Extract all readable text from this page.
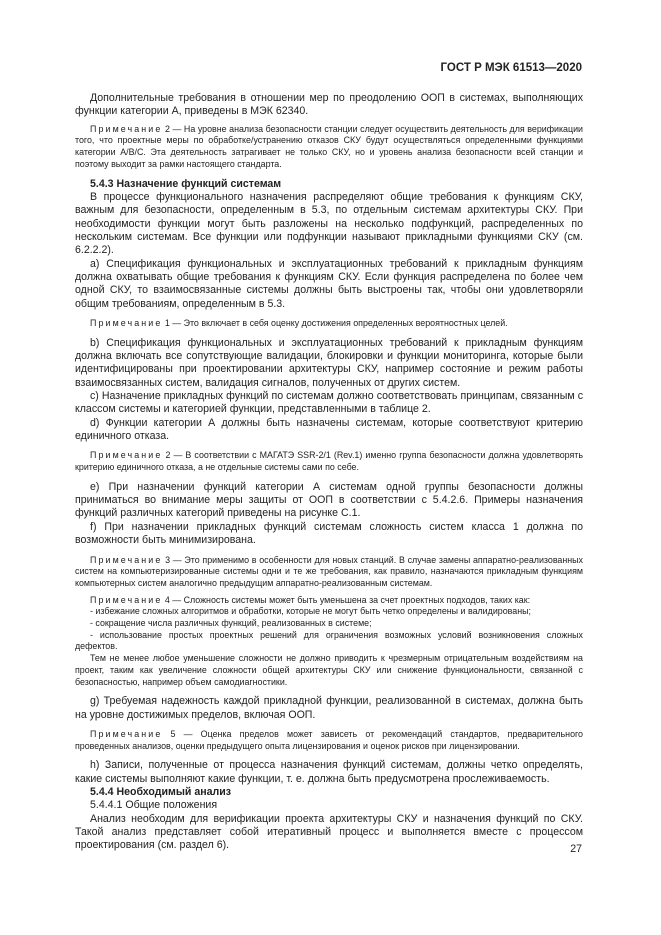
ГОСТ Р МЭК 61513—2020

Дополнительные требования в отношении мер по преодолению ООП в системах, выполняющих функции категории А, приведены в МЭК 62340.

Примечание 2 — На уровне анализа безопасности станции следует осуществить деятельность для верификации того, что проектные меры по обработке/устранению отказов СКУ будут осуществляться определенными функциями категории А/В/С. Эта деятельность затрагивает не только СКУ, но и уровень анализа безопасности всей станции и поэтому выходит за рамки настоящего стандарта.

5.4.3 Назначение функций системам

В процессе функционального назначения распределяют общие требования к функциям СКУ, важным для безопасности, определенным в 5.3, по отдельным системам архитектуры СКУ. При необходимости функции могут быть разложены на несколько подфункций, распределенных по нескольким системам. Все функции или подфункции называют прикладными функциями СКУ (см. 6.2.2.2).

a) Спецификация функциональных и эксплуатационных требований к прикладным функциям должна охватывать общие требования к функциям СКУ. Если функция распределена по более чем одной СКУ, то взаимосвязанные системы должны быть выстроены так, чтобы они удовлетворяли общим требованиям, определенным в 5.3.

Примечание 1 — Это включает в себя оценку достижения определенных вероятностных целей.

b) Спецификация функциональных и эксплуатационных требований к прикладным функциям должна включать все сопутствующие валидации, блокировки и функции мониторинга, которые были идентифицированы при проектировании архитектуры СКУ, например состояние и режим работы взаимосвязанных систем, валидация сигналов, полученных от других систем.

c) Назначение прикладных функций по системам должно соответствовать принципам, связанным с классом системы и категорией функции, представленными в таблице 2.

d) Функции категории А должны быть назначены системам, которые соответствуют критерию единичного отказа.

Примечание 2 — В соответствии с МАГАТЭ SSR-2/1 (Rev.1) именно группа безопасности должна удовлетворять критерию единичного отказа, а не отдельные системы сами по себе.

e) При назначении функций категории А системам одной группы безопасности должны приниматься во внимание меры защиты от ООП в соответствии с 5.4.2.6. Примеры назначения функций различных категорий приведены на рисунке С.1.

f) При назначении прикладных функций системам сложность систем класса 1 должна по возможности быть минимизирована.

Примечание 3 — Это применимо в особенности для новых станций. В случае замены аппаратно-реализованных систем на компьютеризированные системы одни и те же требования, как правило, назначаются прикладным функциям компьютерных систем аналогично предыдущим аппаратно-реализованным системам.

Примечание 4 — Сложность системы может быть уменьшена за счет проектных подходов, таких как:

- избежание сложных алгоритмов и обработки, которые не могут быть четко определены и валидированы;

- сокращение числа различных функций, реализованных в системе;

- использование простых проектных решений для ограничения возможных условий возникновения сложных дефектов.

Тем не менее любое уменьшение сложности не должно приводить к чрезмерным отрицательным воздействиям на проект, таким как увеличение сложности общей архитектуры СКУ или снижение функциональности, связанной с безопасностью, например объем самодиагностики.

g) Требуемая надежность каждой прикладной функции, реализованной в системах, должна быть на уровне достижимых пределов, включая ООП.

Примечание 5 — Оценка пределов может зависеть от рекомендаций стандартов, предварительного проведенных анализов, оценки предыдущего опыта лицензирования и оценок рисков при лицензировании.

h) Записи, полученные от процесса назначения функций системам, должны четко определять, какие системы выполняют какие функции, т. е. должна быть предусмотрена прослеживаемость.

5.4.4 Необходимый анализ

5.4.4.1 Общие положения

Анализ необходим для верификации проекта архитектуры СКУ и назначения функций по СКУ. Такой анализ представляет собой итеративный процесс и выполняется вместе с процессом проектирования (см. раздел 6).	27
